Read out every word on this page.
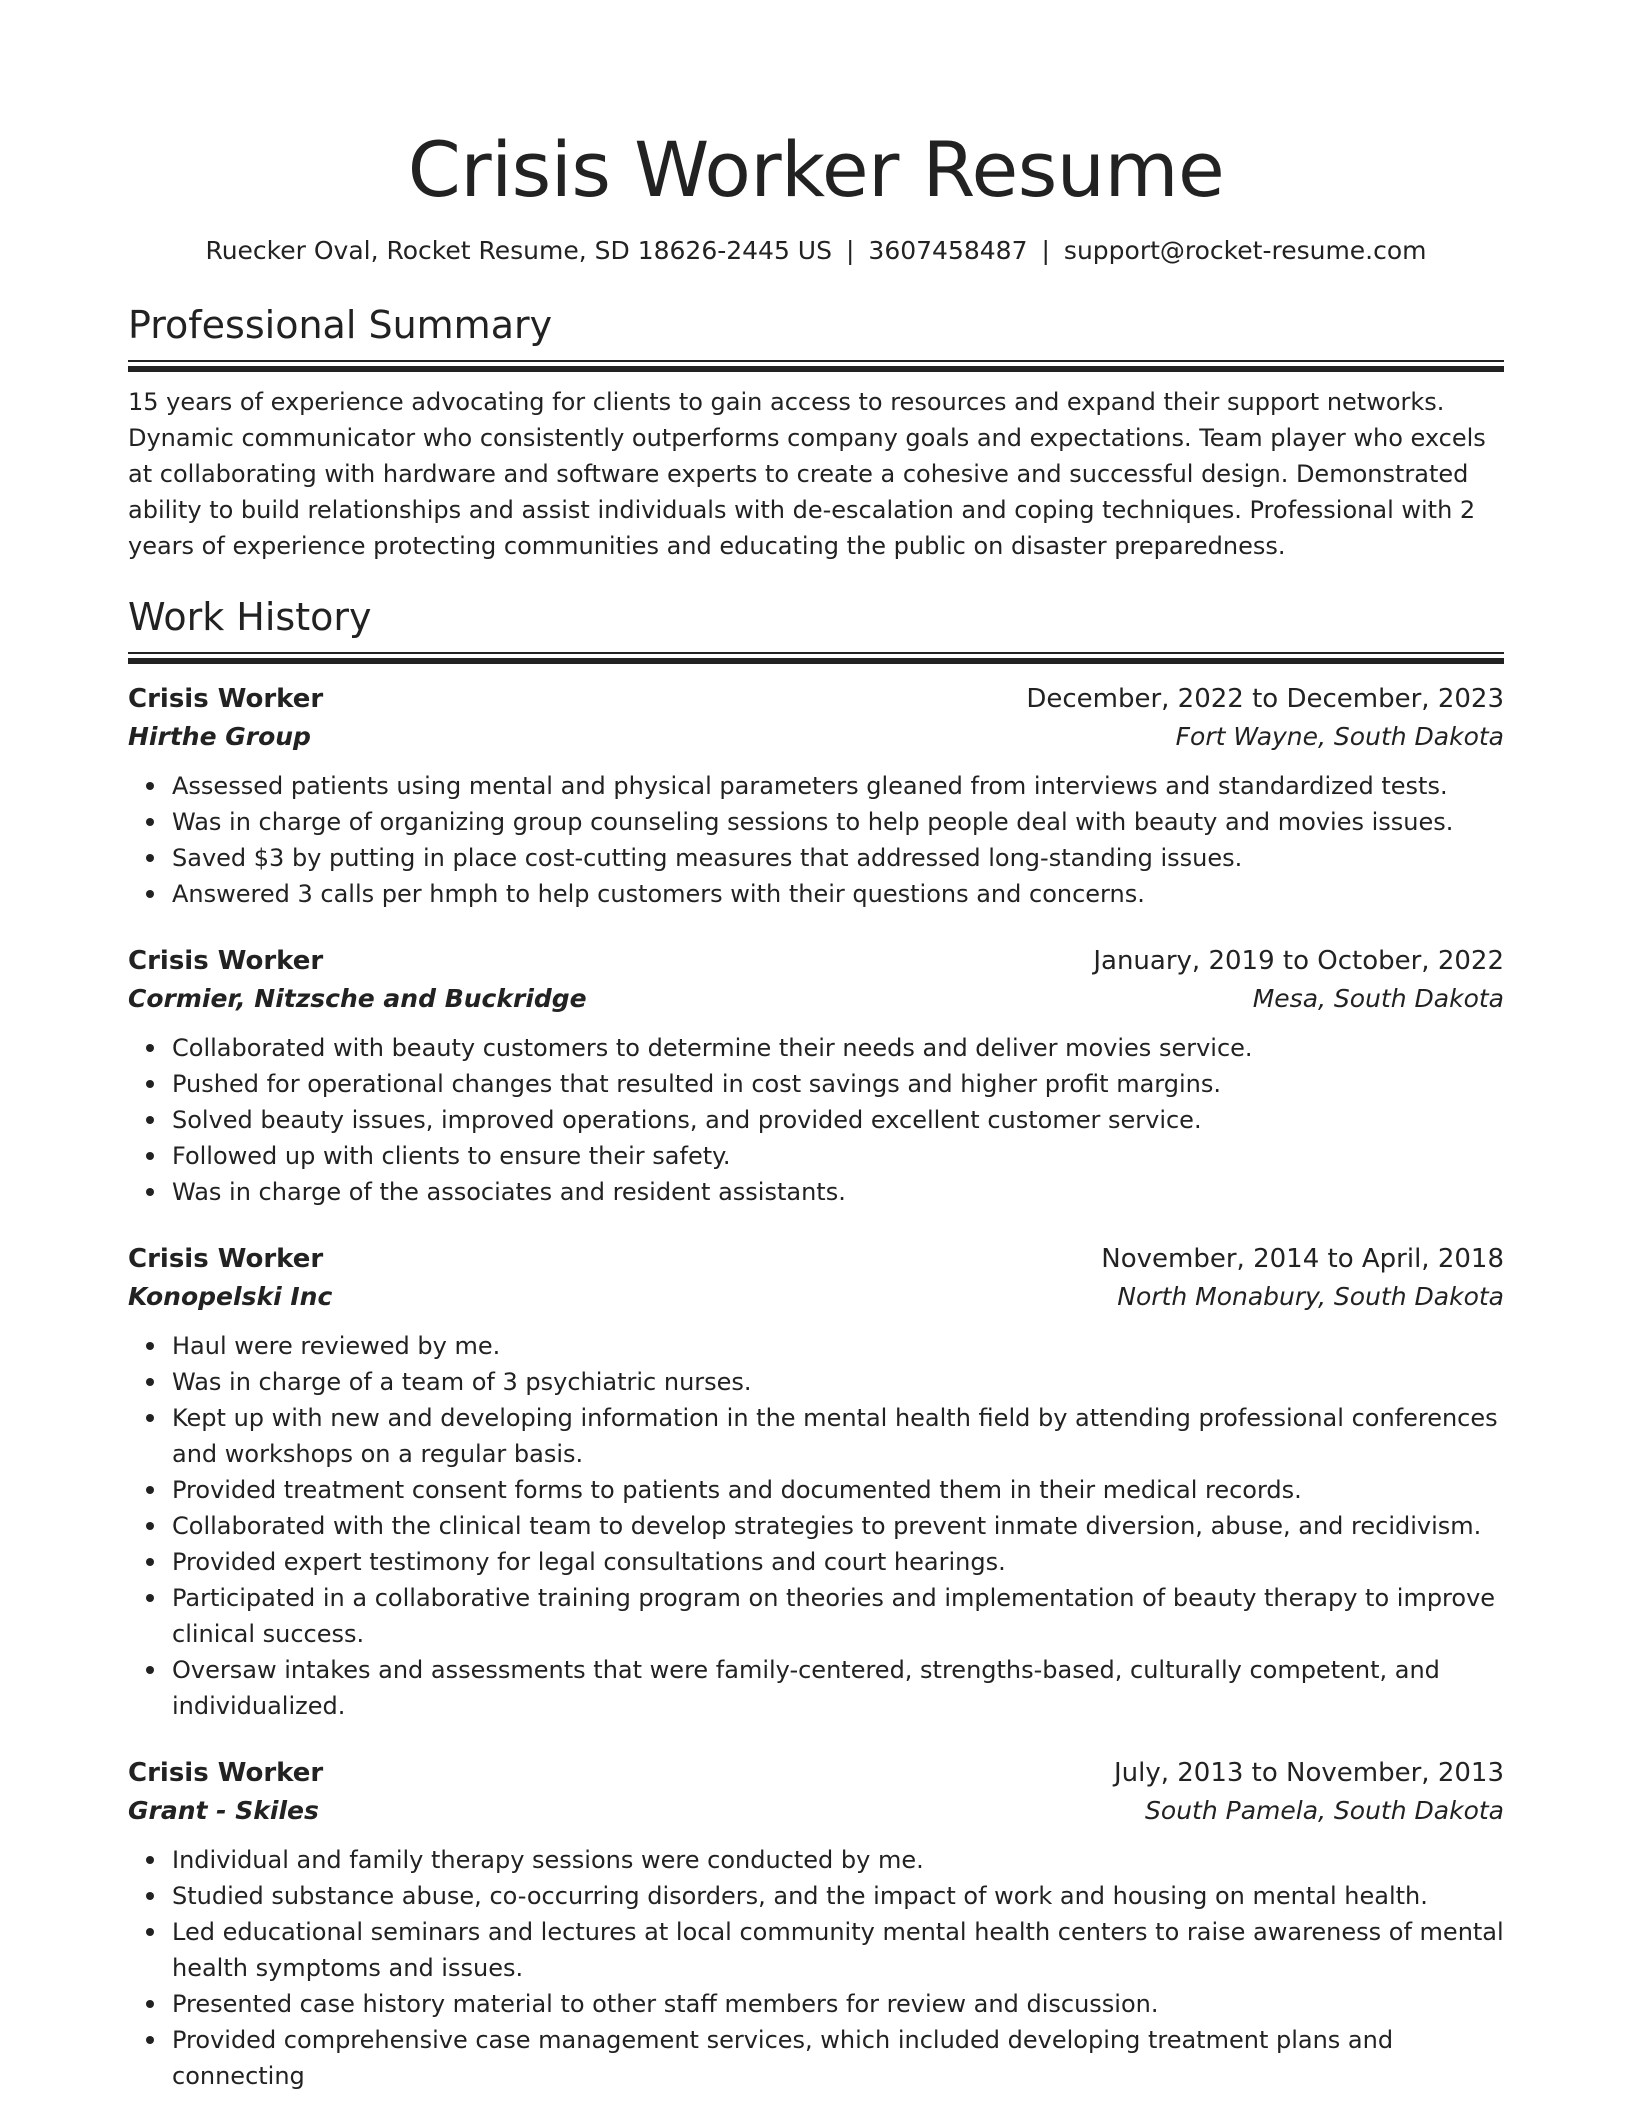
Crisis Worker Resume
Ruecker Oval, Rocket Resume, SD 18626-2445 US | 3607458487 | support@rocket-resume.com
Professional Summary

15 years of experience advocating for clients to gain access to resources and expand their support networks. Dynamic communicator who consistently outperforms company goals and expectations. Team player who excels at collaborating with hardware and software experts to create a cohesive and successful design. Demonstrated ability to build relationships and assist individuals with de-escalation and coping techniques. Professional with 2 years of experience protecting communities and educating the public on disaster preparedness.

Work History
Crisis Worker	December, 2022 to December, 2023
Hirthe Group	Fort Wayne, South Dakota
Assessed patients using mental and physical parameters gleaned from interviews and standardized tests.
Was in charge of organizing group counseling sessions to help people deal with beauty and movies issues.
Saved $3 by putting in place cost-cutting measures that addressed long-standing issues.
Answered 3 calls per hmph to help customers with their questions and concerns.
Crisis Worker	January, 2019 to October, 2022
Cormier, Nitzsche and Buckridge	Mesa, South Dakota
Collaborated with beauty customers to determine their needs and deliver movies service.
Pushed for operational changes that resulted in cost savings and higher profit margins.
Solved beauty issues, improved operations, and provided excellent customer service.
Followed up with clients to ensure their safety.
Was in charge of the associates and resident assistants.
Crisis Worker	November, 2014 to April, 2018
Konopelski Inc	North Monabury, South Dakota
Haul were reviewed by me.
Was in charge of a team of 3 psychiatric nurses.
Kept up with new and developing information in the mental health field by attending professional conferences and workshops on a regular basis.
Provided treatment consent forms to patients and documented them in their medical records.
Collaborated with the clinical team to develop strategies to prevent inmate diversion, abuse, and recidivism.
Provided expert testimony for legal consultations and court hearings.
Participated in a collaborative training program on theories and implementation of beauty therapy to improve clinical success.
Oversaw intakes and assessments that were family-centered, strengths-based, culturally competent, and individualized.
Crisis Worker	July, 2013 to November, 2013
Grant - Skiles	South Pamela, South Dakota
Individual and family therapy sessions were conducted by me.
Studied substance abuse, co-occurring disorders, and the impact of work and housing on mental health.
Led educational seminars and lectures at local community mental health centers to raise awareness of mental health symptoms and issues.
Presented case history material to other staff members for review and discussion.
Provided comprehensive case management services, which included developing treatment plans and connecting
